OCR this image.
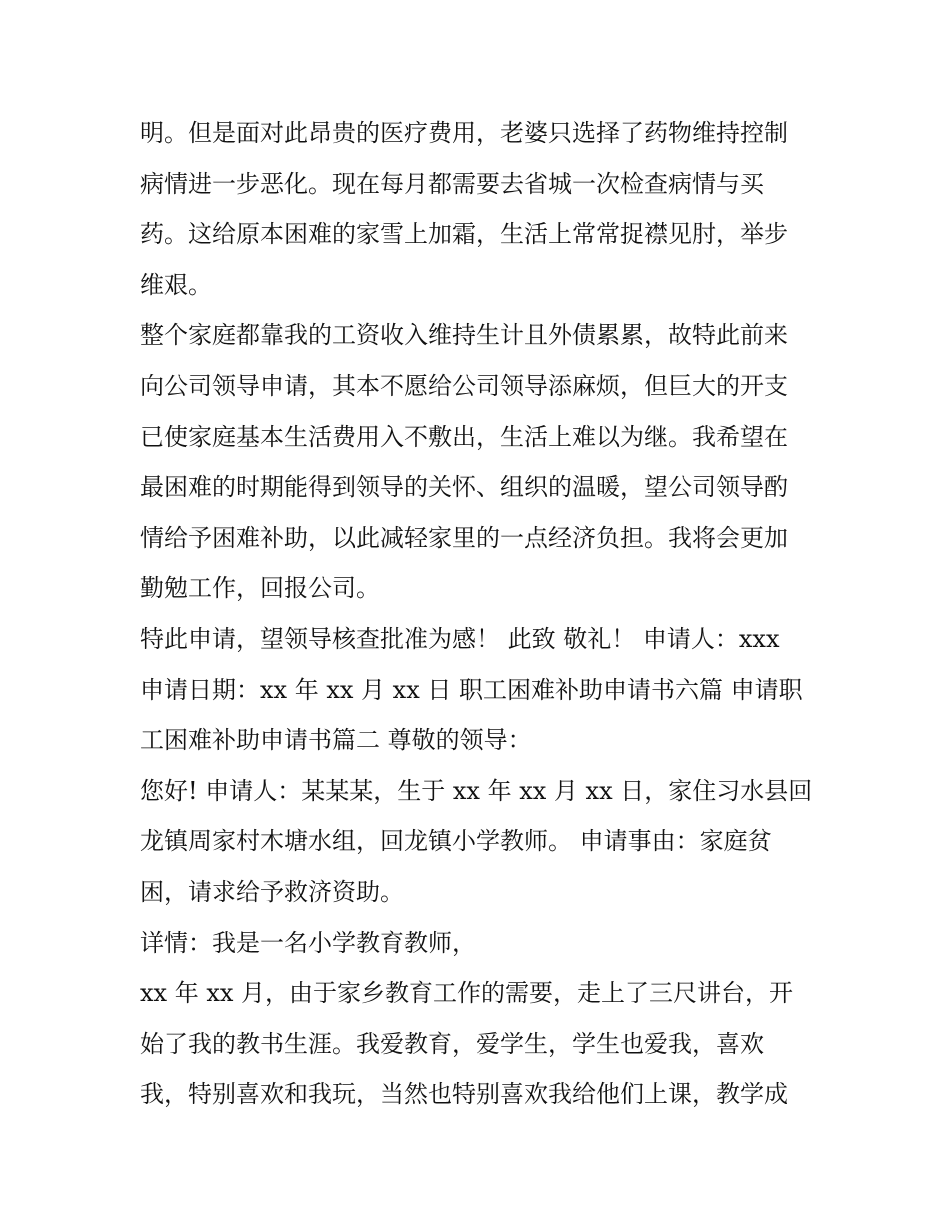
明。但是面对此昂贵的医疗费用，老婆只选择了药物维持控制
病情进一步恶化。现在每月都需要去省城一次检查病情与买
药。这给原本困难的家雪上加霜，生活上常常捉襟见肘，举步
维艰。
整个家庭都靠我的工资收入维持生计且外债累累，故特此前来
向公司领导申请，其本不愿给公司领导添麻烦，但巨大的开支
已使家庭基本生活费用入不敷出，生活上难以为继。我希望在
最困难的时期能得到领导的关怀、组织的温暖，望公司领导酌
情给予困难补助，以此减轻家里的一点经济负担。我将会更加
勤勉工作，回报公司。
特此申请，望领导核查批准为感！ 此致 敬礼！ 申请人：xxx
申请日期：xx 年 xx 月 xx 日 职工困难补助申请书六篇 申请职
工困难补助申请书篇二 尊敬的领导：
您好! 申请人：某某某，生于 xx 年 xx 月 xx 日，家住习水县回
龙镇周家村木塘水组，回龙镇小学教师。 申请事由：家庭贫
困，请求给予救济资助。
详情：我是一名小学教育教师，
xx 年 xx 月，由于家乡教育工作的需要，走上了三尺讲台，开
始了我的教书生涯。我爱教育，爱学生，学生也爱我，喜欢
我，特别喜欢和我玩，当然也特别喜欢我给他们上课，教学成
